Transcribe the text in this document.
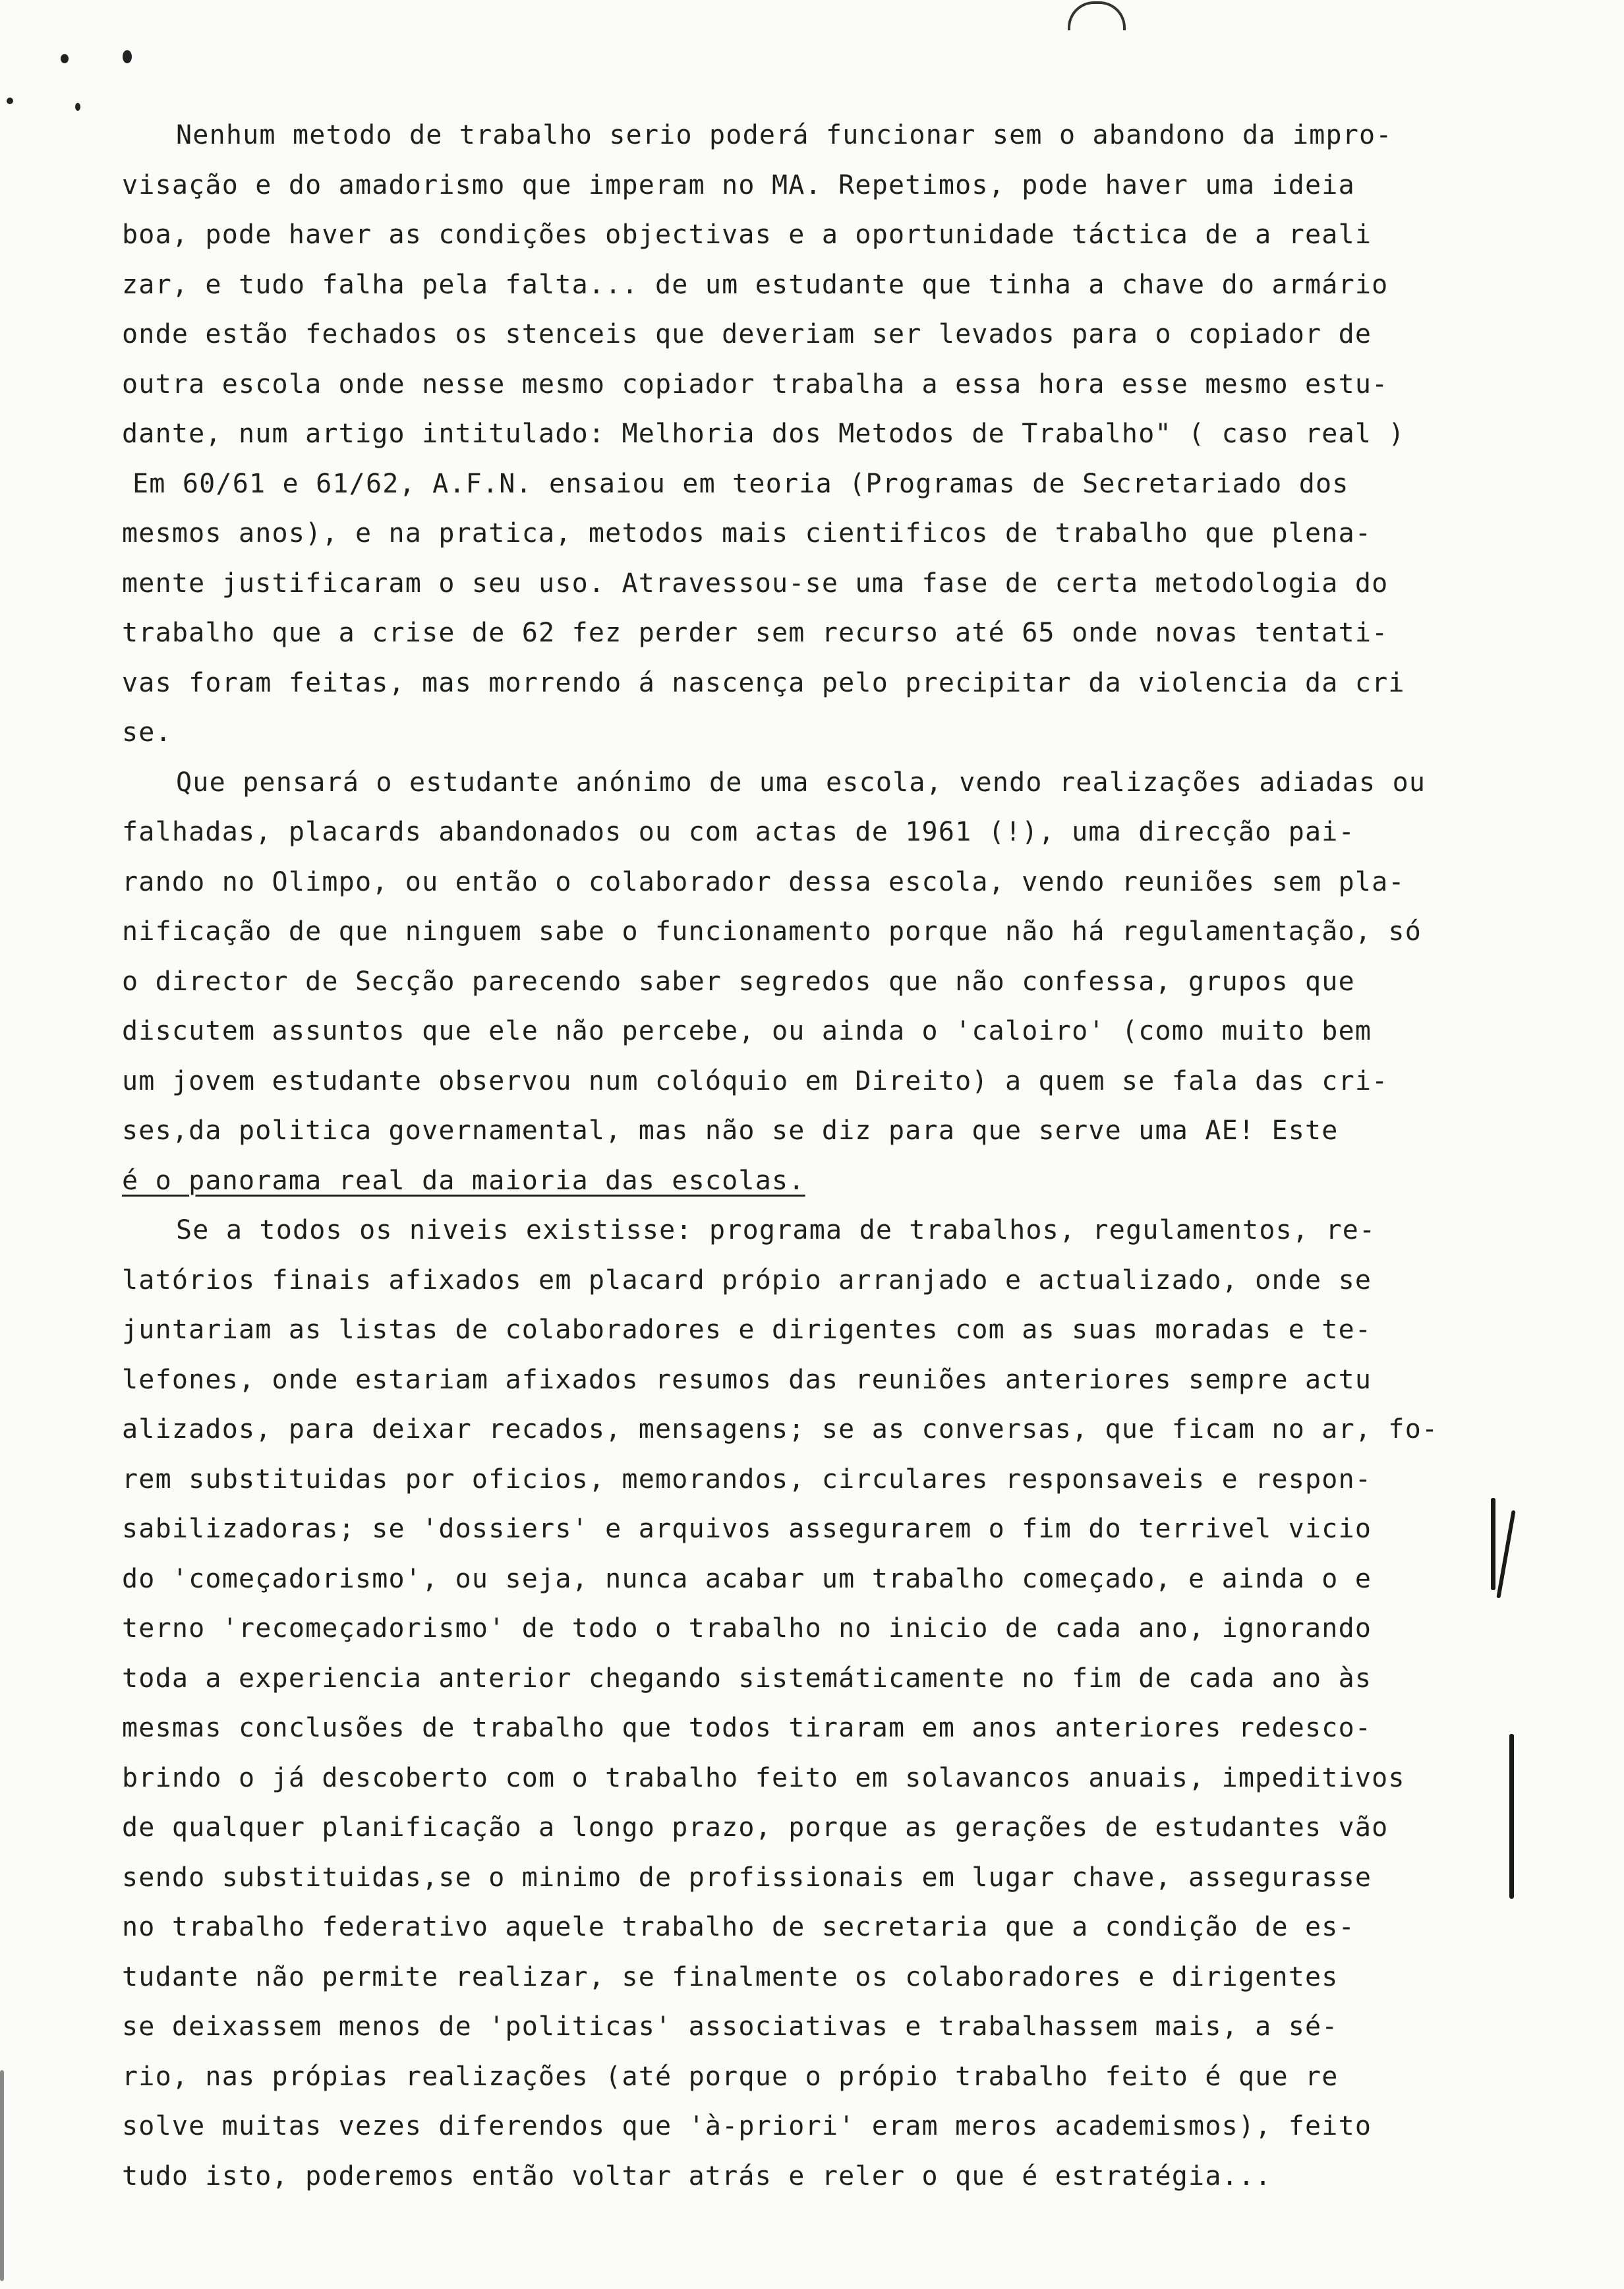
Nenhum metodo de trabalho serio poderá funcionar sem o abandono da impro-
visação e do amadorismo que imperam no MA. Repetimos, pode haver uma ideia
boa, pode haver as condições objectivas e a oportunidade táctica de a reali
zar, e tudo falha pela falta... de um estudante que tinha a chave do armário
onde estão fechados os stenceis que deveriam ser levados para o copiador de
outra escola onde nesse mesmo copiador trabalha a essa hora esse mesmo estu-
dante, num artigo intitulado: Melhoria dos Metodos de Trabalho" ( caso real )
Em 60/61 e 61/62, A.F.N. ensaiou em teoria (Programas de Secretariado dos
mesmos anos), e na pratica, metodos mais cientificos de trabalho que plena-
mente justificaram o seu uso. Atravessou-se uma fase de certa metodologia do
trabalho que a crise de 62 fez perder sem recurso até 65 onde novas tentati-
vas foram feitas, mas morrendo á nascença pelo precipitar da violencia da cri
se.
Que pensará o estudante anónimo de uma escola, vendo realizações adiadas ou
falhadas, placards abandonados ou com actas de 1961 (!), uma direcção pai-
rando no Olimpo, ou então o colaborador dessa escola, vendo reuniões sem pla-
nificação de que ninguem sabe o funcionamento porque não há regulamentação, só
o director de Secção parecendo saber segredos que não confessa, grupos que
discutem assuntos que ele não percebe, ou ainda o 'caloiro' (como muito bem
um jovem estudante observou num colóquio em Direito) a quem se fala das cri-
ses,da politica governamental, mas não se diz para que serve uma AE! Este
é o panorama real da maioria das escolas.
Se a todos os niveis existisse: programa de trabalhos, regulamentos, re-
latórios finais afixados em placard própio arranjado e actualizado, onde se
juntariam as listas de colaboradores e dirigentes com as suas moradas e te-
lefones, onde estariam afixados resumos das reuniões anteriores sempre actu
alizados, para deixar recados, mensagens; se as conversas, que ficam no ar, fo-
rem substituidas por oficios, memorandos, circulares responsaveis e respon-
sabilizadoras; se 'dossiers' e arquivos assegurarem o fim do terrivel vicio
do 'começadorismo', ou seja, nunca acabar um trabalho começado, e ainda o e
terno 'recomeçadorismo' de todo o trabalho no inicio de cada ano, ignorando
toda a experiencia anterior chegando sistemáticamente no fim de cada ano às
mesmas conclusões de trabalho que todos tiraram em anos anteriores redesco-
brindo o já descoberto com o trabalho feito em solavancos anuais, impeditivos
de qualquer planificação a longo prazo, porque as gerações de estudantes vão
sendo substituidas,se o minimo de profissionais em lugar chave, assegurasse
no trabalho federativo aquele trabalho de secretaria que a condição de es-
tudante não permite realizar, se finalmente os colaboradores e dirigentes
se deixassem menos de 'politicas' associativas e trabalhassem mais, a sé-
rio, nas própias realizações (até porque o própio trabalho feito é que re
solve muitas vezes diferendos que 'à-priori' eram meros academismos), feito
tudo isto, poderemos então voltar atrás e reler o que é estratégia...
